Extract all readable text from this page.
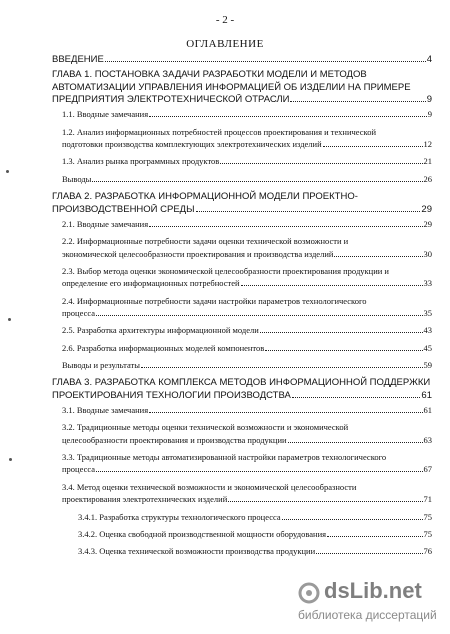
- 2 -
ОГЛАВЛЕНИЕ
ВВЕДЕНИЕ	4
ГЛАВА 1. ПОСТАНОВКА ЗАДАЧИ РАЗРАБОТКИ МОДЕЛИ И МЕТОДОВ
АВТОМАТИЗАЦИИ УПРАВЛЕНИЯ ИНФОРМАЦИЕЙ ОБ ИЗДЕЛИИ НА ПРИМЕРЕ
ПРЕДПРИЯТИЯ ЭЛЕКТРОТЕХНИЧЕСКОЙ ОТРАСЛИ	9
1.1. Вводные замечания	9
1.2. Анализ информационных потребностей процессов проектирования и технической
подготовки производства комплектующих электротехнических изделий	12
1.3. Анализ рынка программных продуктов	21
Выводы	26
ГЛАВА 2. РАЗРАБОТКА ИНФОРМАЦИОННОЙ МОДЕЛИ ПРОЕКТНО-
ПРОИЗВОДСТВЕННОЙ СРЕДЫ	29
2.1. Вводные замечания	29
2.2. Информационные потребности задачи оценки технической возможности и
экономической целесообразности проектирования и производства изделий	30
2.3. Выбор метода оценки экономической целесообразности проектирования продукции и
определение его информационных потребностей	33
2.4. Информационные потребности задачи настройки параметров технологического
процесса	35
2.5. Разработка архитектуры информационной модели	43
2.6. Разработка информационных моделей компонентов	45
Выводы и результаты	59
ГЛАВА 3. РАЗРАБОТКА КОМПЛЕКСА МЕТОДОВ ИНФОРМАЦИОННОЙ ПОДДЕРЖКИ
ПРОЕКТИРОВАНИЯ ТЕХНОЛОГИИ ПРОИЗВОДСТВА	61
3.1. Вводные замечания	61
3.2. Традиционные методы оценки технической возможности и экономической
целесообразности проектирования и производства продукции	63
3.3. Традиционные методы автоматизированной настройки параметров технологического
процесса	67
3.4. Метод оценки технической возможности и экономической целесообразности
проектирования электротехнических изделий	71
3.4.1. Разработка структуры технологического процесса	75
3.4.2. Оценка свободной производственной мощности оборудования	75
3.4.3. Оценка технической возможности производства продукции	76
dsLib.net
библиотека диссертаций
